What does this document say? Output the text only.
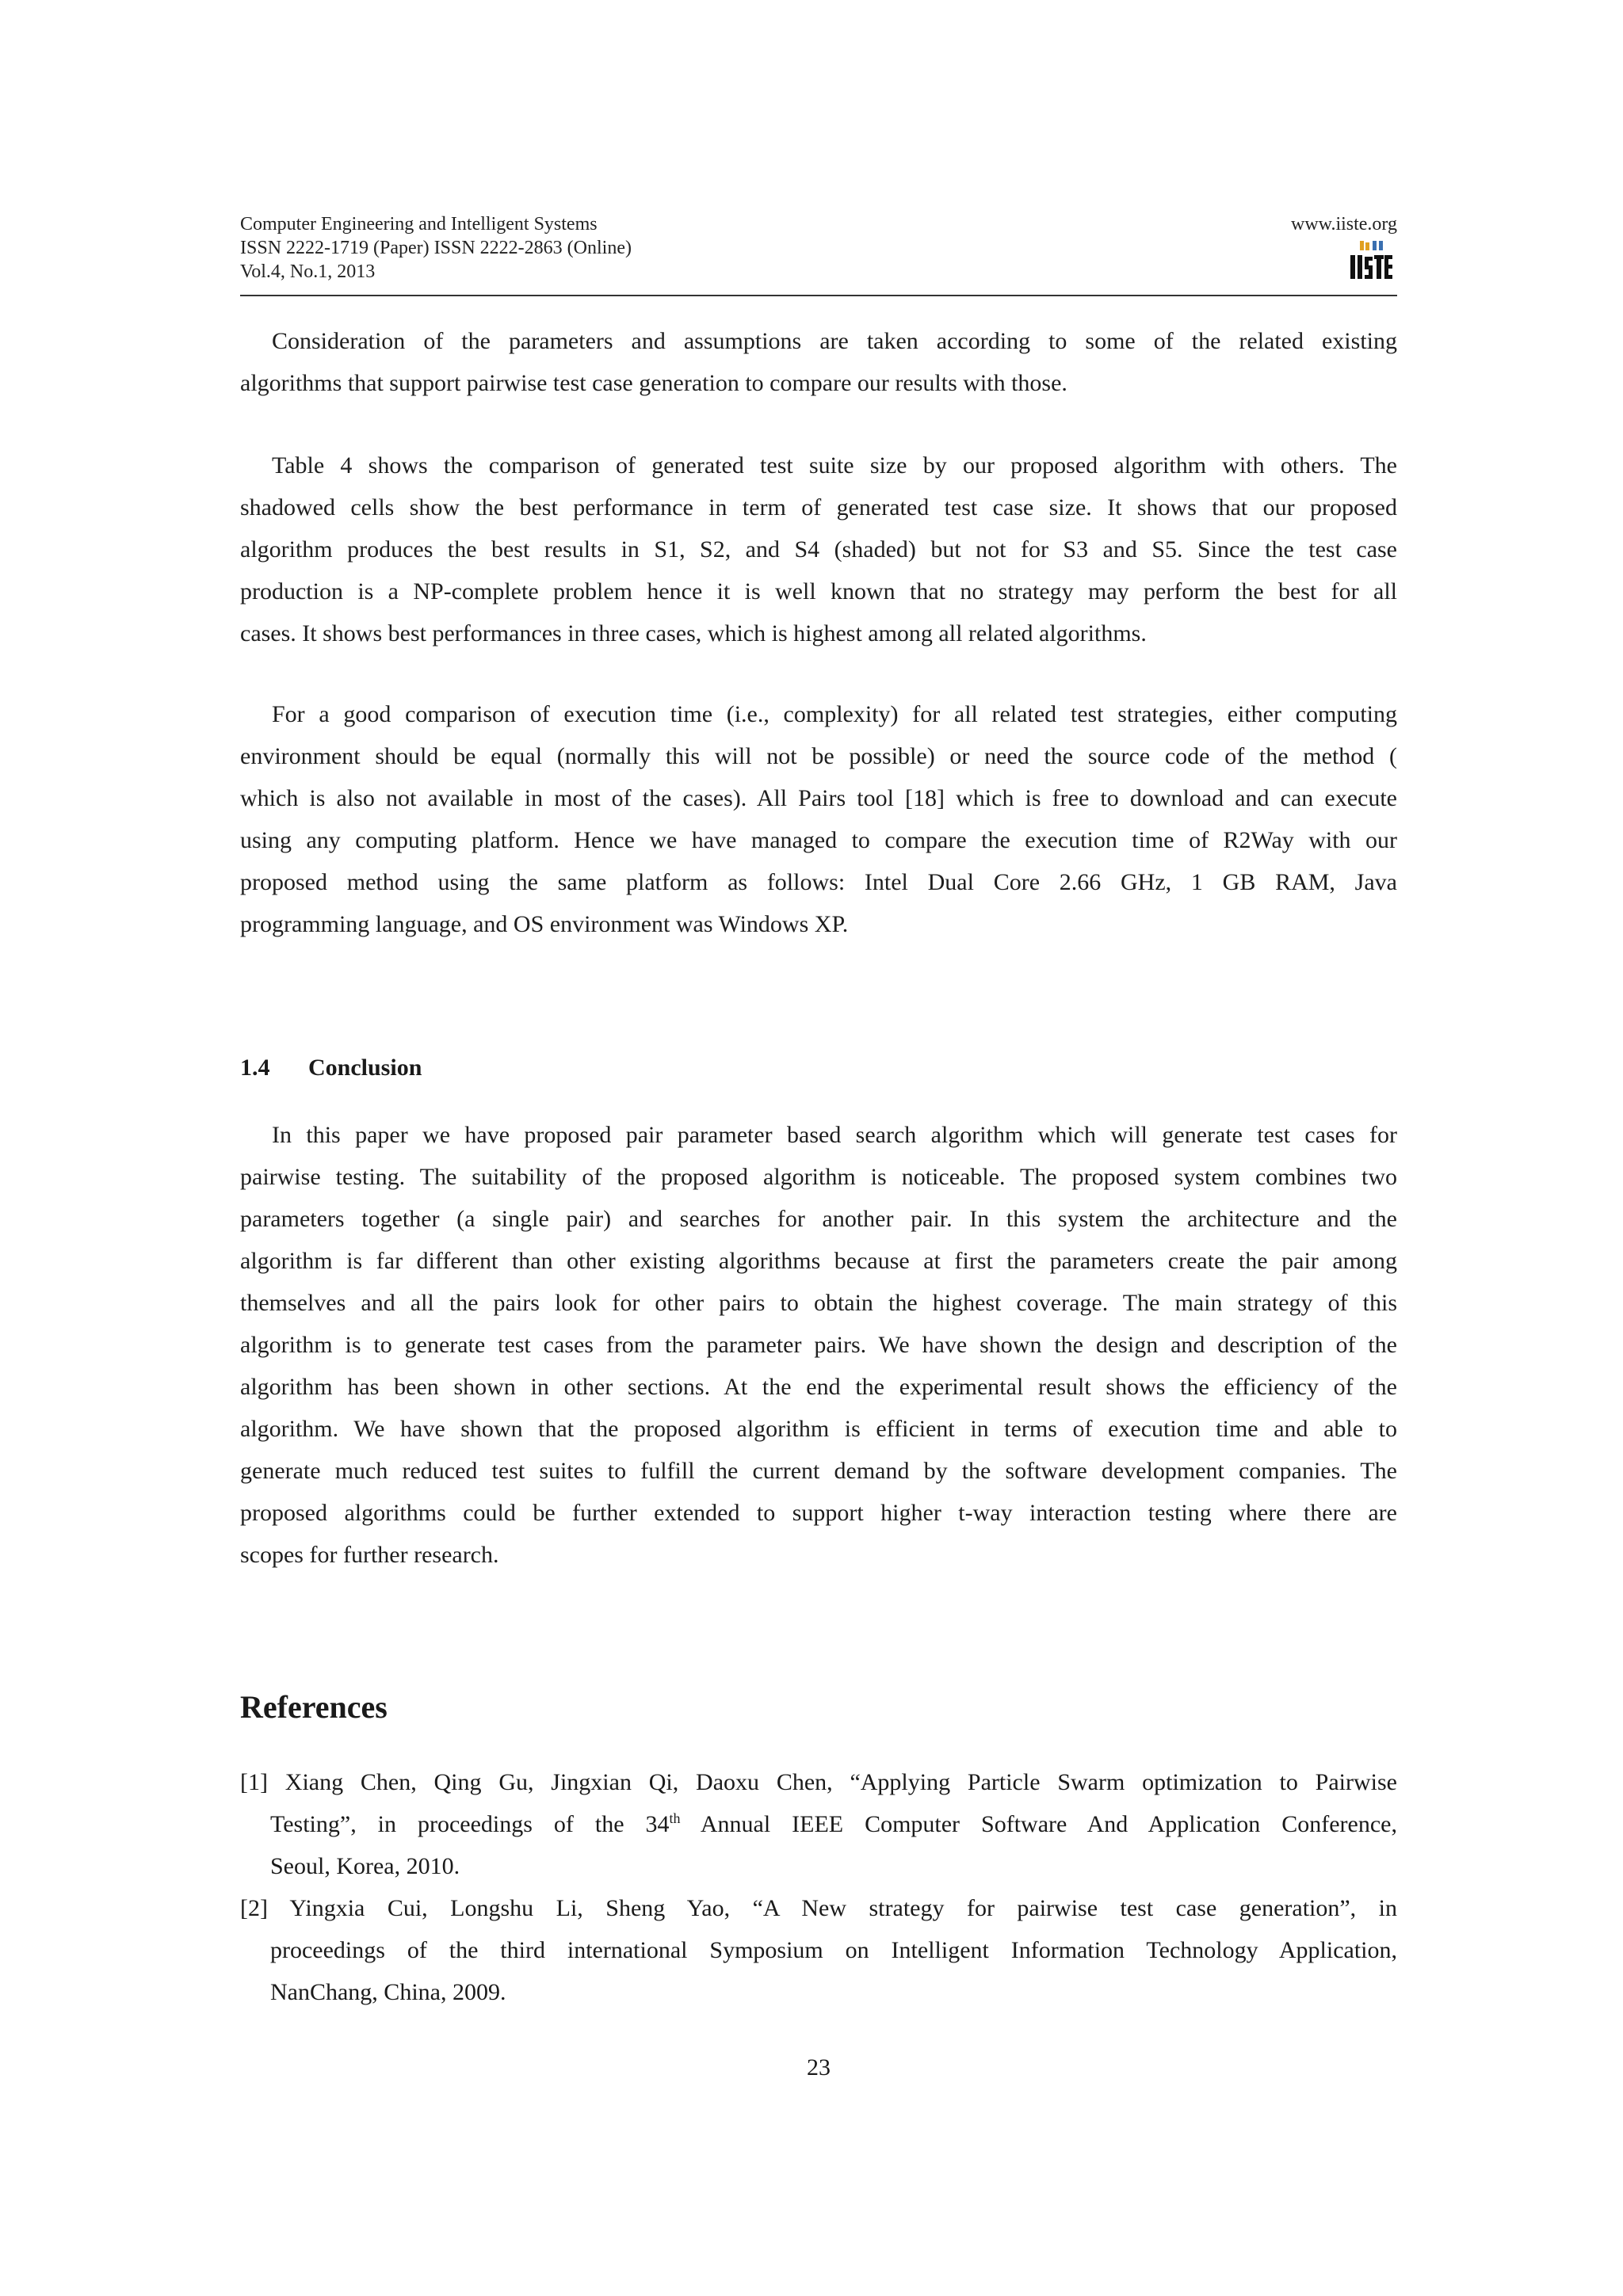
Computer Engineering and Intelligent Systems
ISSN 2222-1719 (Paper) ISSN 2222-2863 (Online)
Vol.4, No.1, 2013
www.iiste.org
Consideration of the parameters and assumptions are taken according to some of the related existing
algorithms that support pairwise test case generation to compare our results with those.
Table 4 shows the comparison of generated test suite size by our proposed algorithm with others. The
shadowed cells show the best performance in term of generated test case size. It shows that our proposed
algorithm produces the best results in S1, S2, and S4 (shaded) but not for S3 and S5. Since the test case
production is a NP-complete problem hence it is well known that no strategy may perform the best for all
cases. It shows best performances in three cases, which is highest among all related algorithms.
For a good comparison of execution time (i.e., complexity) for all related test strategies, either computing
environment should be equal (normally this will not be possible) or need the source code of the method (
which is also not available in most of the cases). All Pairs tool [18] which is free to download and can execute
using any computing platform. Hence we have managed to compare the execution time of R2Way with our
proposed method using the same platform as follows: Intel Dual Core 2.66 GHz, 1 GB RAM, Java
programming language, and OS environment was Windows XP.
1.4 Conclusion
In this paper we have proposed pair parameter based search algorithm which will generate test cases for
pairwise testing. The suitability of the proposed algorithm is noticeable. The proposed system combines two
parameters together (a single pair) and searches for another pair. In this system the architecture and the
algorithm is far different than other existing algorithms because at first the parameters create the pair among
themselves and all the pairs look for other pairs to obtain the highest coverage. The main strategy of this
algorithm is to generate test cases from the parameter pairs. We have shown the design and description of the
algorithm has been shown in other sections. At the end the experimental result shows the efficiency of the
algorithm. We have shown that the proposed algorithm is efficient in terms of execution time and able to
generate much reduced test suites to fulfill the current demand by the software development companies. The
proposed algorithms could be further extended to support higher t-way interaction testing where there are
scopes for further research.
References
[1] Xiang Chen, Qing Gu, Jingxian Qi, Daoxu Chen, “Applying Particle Swarm optimization to Pairwise
Testing”, in proceedings of the 34th Annual IEEE Computer Software And Application Conference,
Seoul, Korea, 2010.
[2] Yingxia Cui, Longshu Li, Sheng Yao, “A New strategy for pairwise test case generation”, in
proceedings of the third international Symposium on Intelligent Information Technology Application,
NanChang, China, 2009.
23
